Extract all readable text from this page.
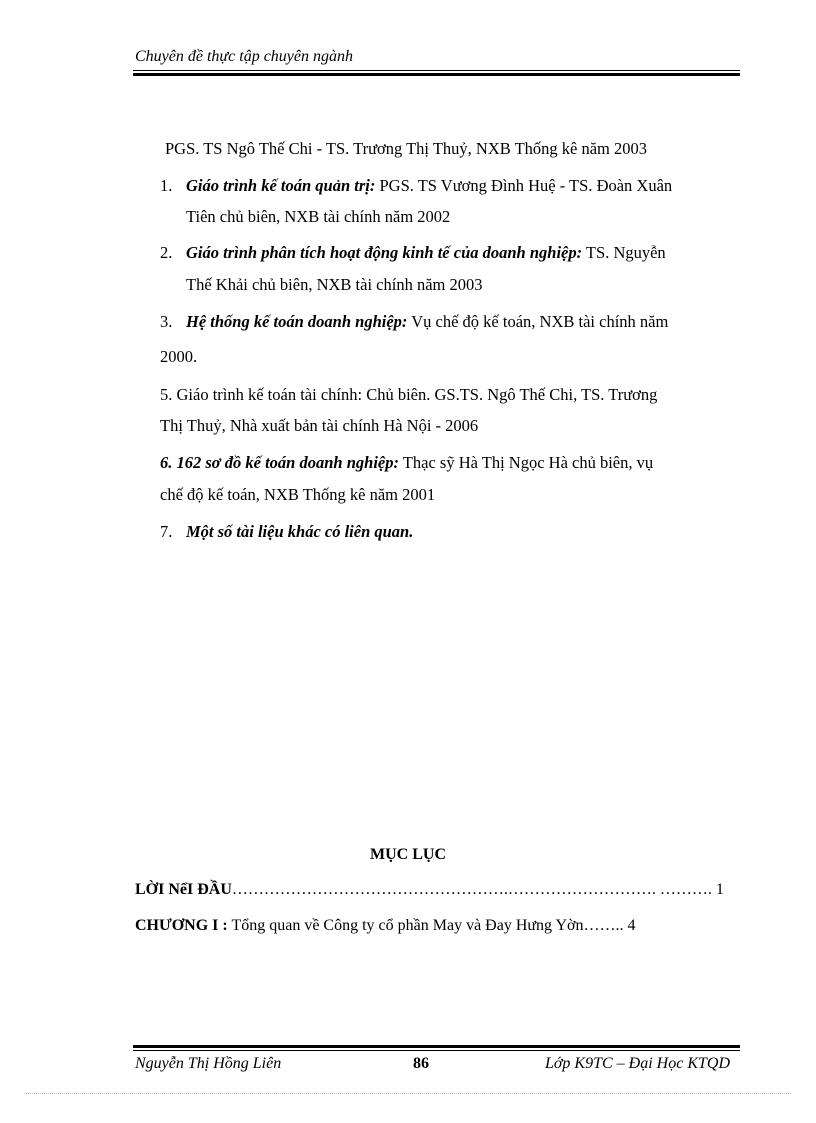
Chuyên đề thực tập chuyên ngành
PGS. TS Ngô Thế Chi - TS. Trương Thị Thuỷ, NXB Thống kê năm 2003
1. Giáo trình kế toán quản trị: PGS. TS Vương Đình Huệ - TS. Đoàn Xuân
Tiên chủ biên, NXB tài chính năm 2002
2. Giáo trình phân tích hoạt động kinh tế của doanh nghiệp: TS. Nguyễn
Thế Khải chủ biên, NXB tài chính năm 2003
3. Hệ thống kế toán doanh nghiệp: Vụ chế độ kế toán, NXB tài chính năm
2000.
5. Giáo trình kế toán tài chính: Chủ biên. GS.TS. Ngô Thế Chi, TS. Trương
Thị Thuỷ, Nhà xuất bản tài chính Hà Nội - 2006
6. 162 sơ đồ kế toán doanh nghiệp: Thạc sỹ Hà Thị Ngọc Hà chủ biên, vụ
chế độ kế toán, NXB Thống kê năm 2001
7. Một số tài liệu khác có liên quan.
MỤC LỤC
LỜI NểI ĐẦU…………………………………………….………………………. ………. 1
CHƯƠNG I : Tổng quan về Công ty cổ phần May và Đay Hưng Yờn…….. 4
Nguyễn Thị Hồng Liên	86	Lớp K9TC – Đại Học KTQD
